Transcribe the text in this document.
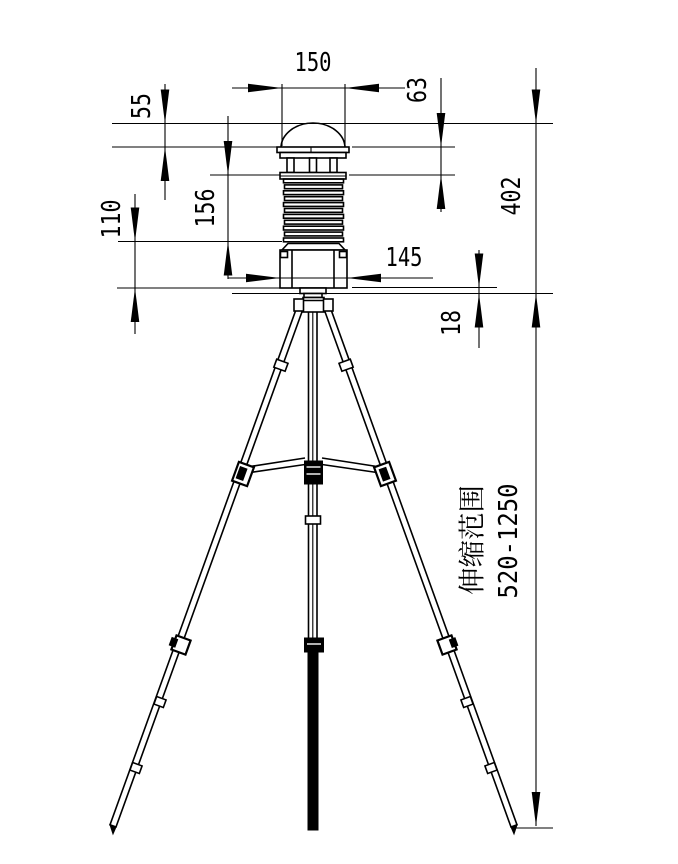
150
145
55
63
156
110
18
402
伸缩范围 520-1250
